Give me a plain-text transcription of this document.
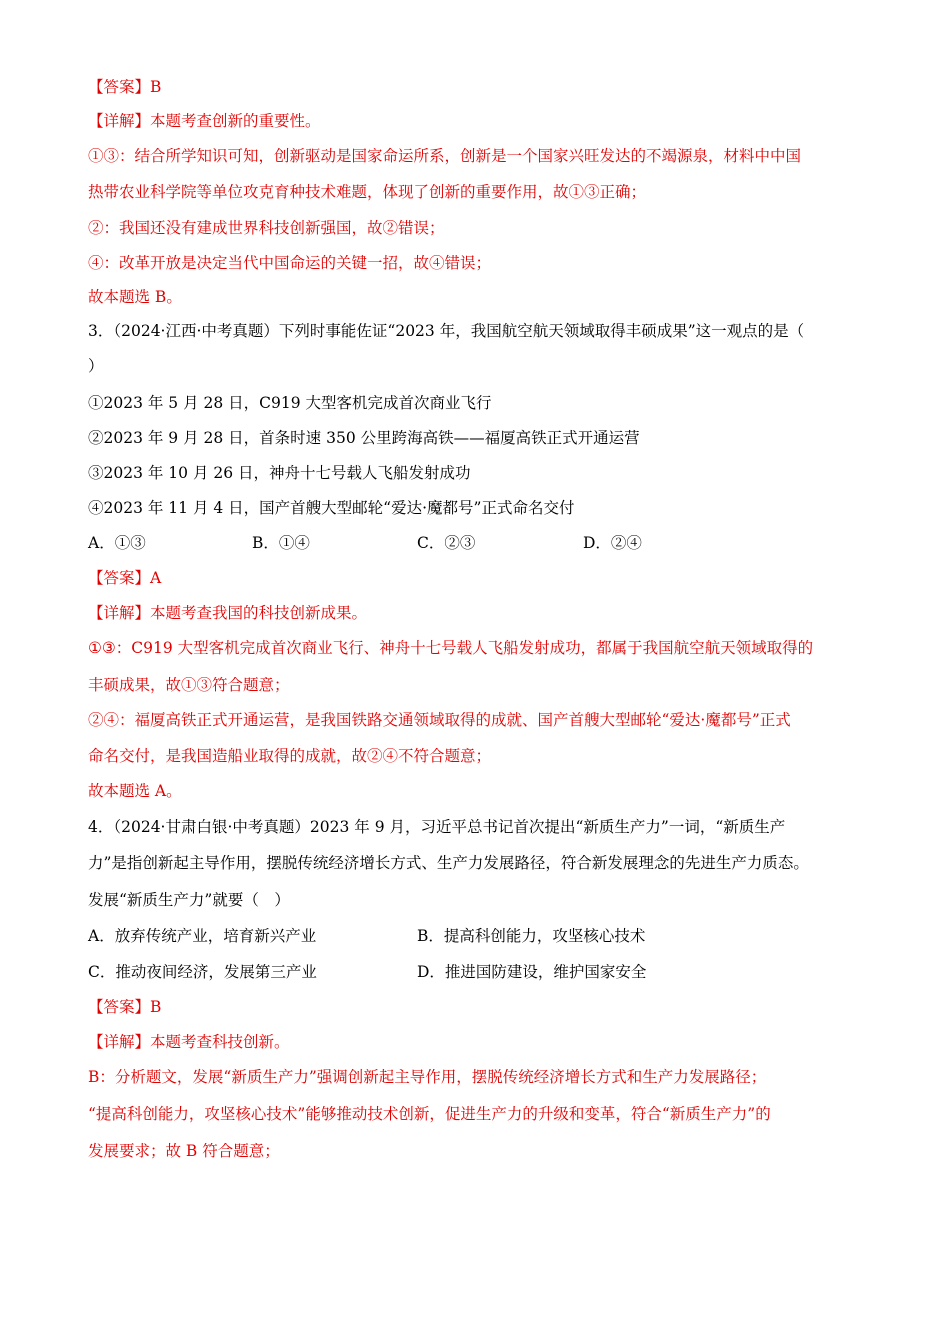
【答案】B
【详解】本题考查创新的重要性。
①③：结合所学知识可知，创新驱动是国家命运所系，创新是一个国家兴旺发达的不竭源泉，材料中中国
热带农业科学院等单位攻克育种技术难题，体现了创新的重要作用，故①③正确；
②：我国还没有建成世界科技创新强国，故②错误；
④：改革开放是决定当代中国命运的关键一招，故④错误；
故本题选 B。
3．（2024·江西·中考真题）下列时事能佐证“2023 年，我国航空航天领域取得丰硕成果”这一观点的是（
）
①2023 年 5 月 28 日，C919 大型客机完成首次商业飞行
②2023 年 9 月 28 日，首条时速 350 公里跨海高铁——福厦高铁正式开通运营
③2023 年 10 月 26 日，神舟十七号载人飞船发射成功
④2023 年 11 月 4 日，国产首艘大型邮轮“爱达·魔都号”正式命名交付
A．①③	B．①④	C．②③	D．②④
【答案】A
【详解】本题考查我国的科技创新成果。
①③：C919 大型客机完成首次商业飞行、神舟十七号载人飞船发射成功，都属于我国航空航天领域取得的
丰硕成果，故①③符合题意；
②④：福厦高铁正式开通运营，是我国铁路交通领域取得的成就、国产首艘大型邮轮“爱达·魔都号”正式
命名交付，是我国造船业取得的成就，故②④不符合题意；
故本题选 A。
4．（2024·甘肃白银·中考真题）2023 年 9 月，习近平总书记首次提出“新质生产力”一词，“新质生产
力”是指创新起主导作用，摆脱传统经济增长方式、生产力发展路径，符合新发展理念的先进生产力质态。
发展“新质生产力”就要（　）
A．放弃传统产业，培育新兴产业	B．提高科创能力，攻坚核心技术
C．推动夜间经济，发展第三产业	D．推进国防建设，维护国家安全
【答案】B
【详解】本题考查科技创新。
B：分析题文，发展“新质生产力”强调创新起主导作用，摆脱传统经济增长方式和生产力发展路径；
“提高科创能力，攻坚核心技术”能够推动技术创新，促进生产力的升级和变革，符合“新质生产力”的
发展要求；故 B 符合题意；
